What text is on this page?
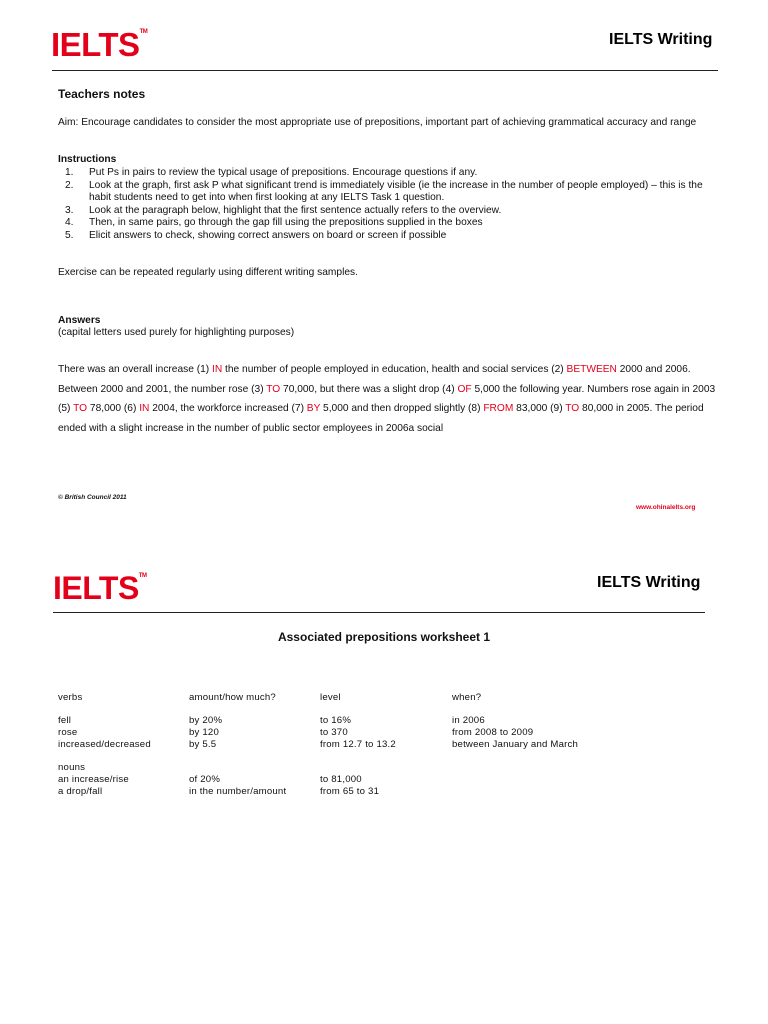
IELTS™	IELTS Writing
Teachers notes
Aim: Encourage candidates to consider the most appropriate use of prepositions, important part of achieving grammatical accuracy and range
Instructions
1. Put Ps in pairs to review the typical usage of prepositions. Encourage questions if any.
2. Look at the graph, first ask P what significant trend is immediately visible (ie the increase in the number of people employed) – this is the habit students need to get into when first looking at any IELTS Task 1 question.
3. Look at the paragraph below, highlight that the first sentence actually refers to the overview.
4. Then, in same pairs, go through the gap fill using the prepositions supplied in the boxes
5. Elicit answers to check, showing correct answers on board or screen if possible
Exercise can be repeated regularly using different writing samples.
Answers
(capital letters used purely for highlighting purposes)

There was an overall increase (1) IN the number of people employed in education, health and social services (2) BETWEEN 2000 and 2006. Between 2000 and 2001, the number rose (3) TO 70,000, but there was a slight drop (4) OF 5,000 the following year. Numbers rose again in 2003 (5) TO 78,000 (6) IN 2004, the workforce increased (7) BY 5,000 and then dropped slightly (8) FROM 83,000 (9) TO 80,000 in 2005. The period ended with a slight increase in the number of public sector employees in 2006a social

© British Council 2011
www.ohinalelts.org
IELTS™	IELTS Writing
Associated prepositions worksheet 1
verbs	amount/how much?	level	when?
fell	by 20%	to 16%	in 2006
rose	by 120	to 370	from 2008 to 2009
increased/decreased	by 5.5	from 12.7 to 13.2	between January and March
nouns
an increase/rise	of 20%	to 81,000
a drop/fall	in the number/amount	from 65 to 31
